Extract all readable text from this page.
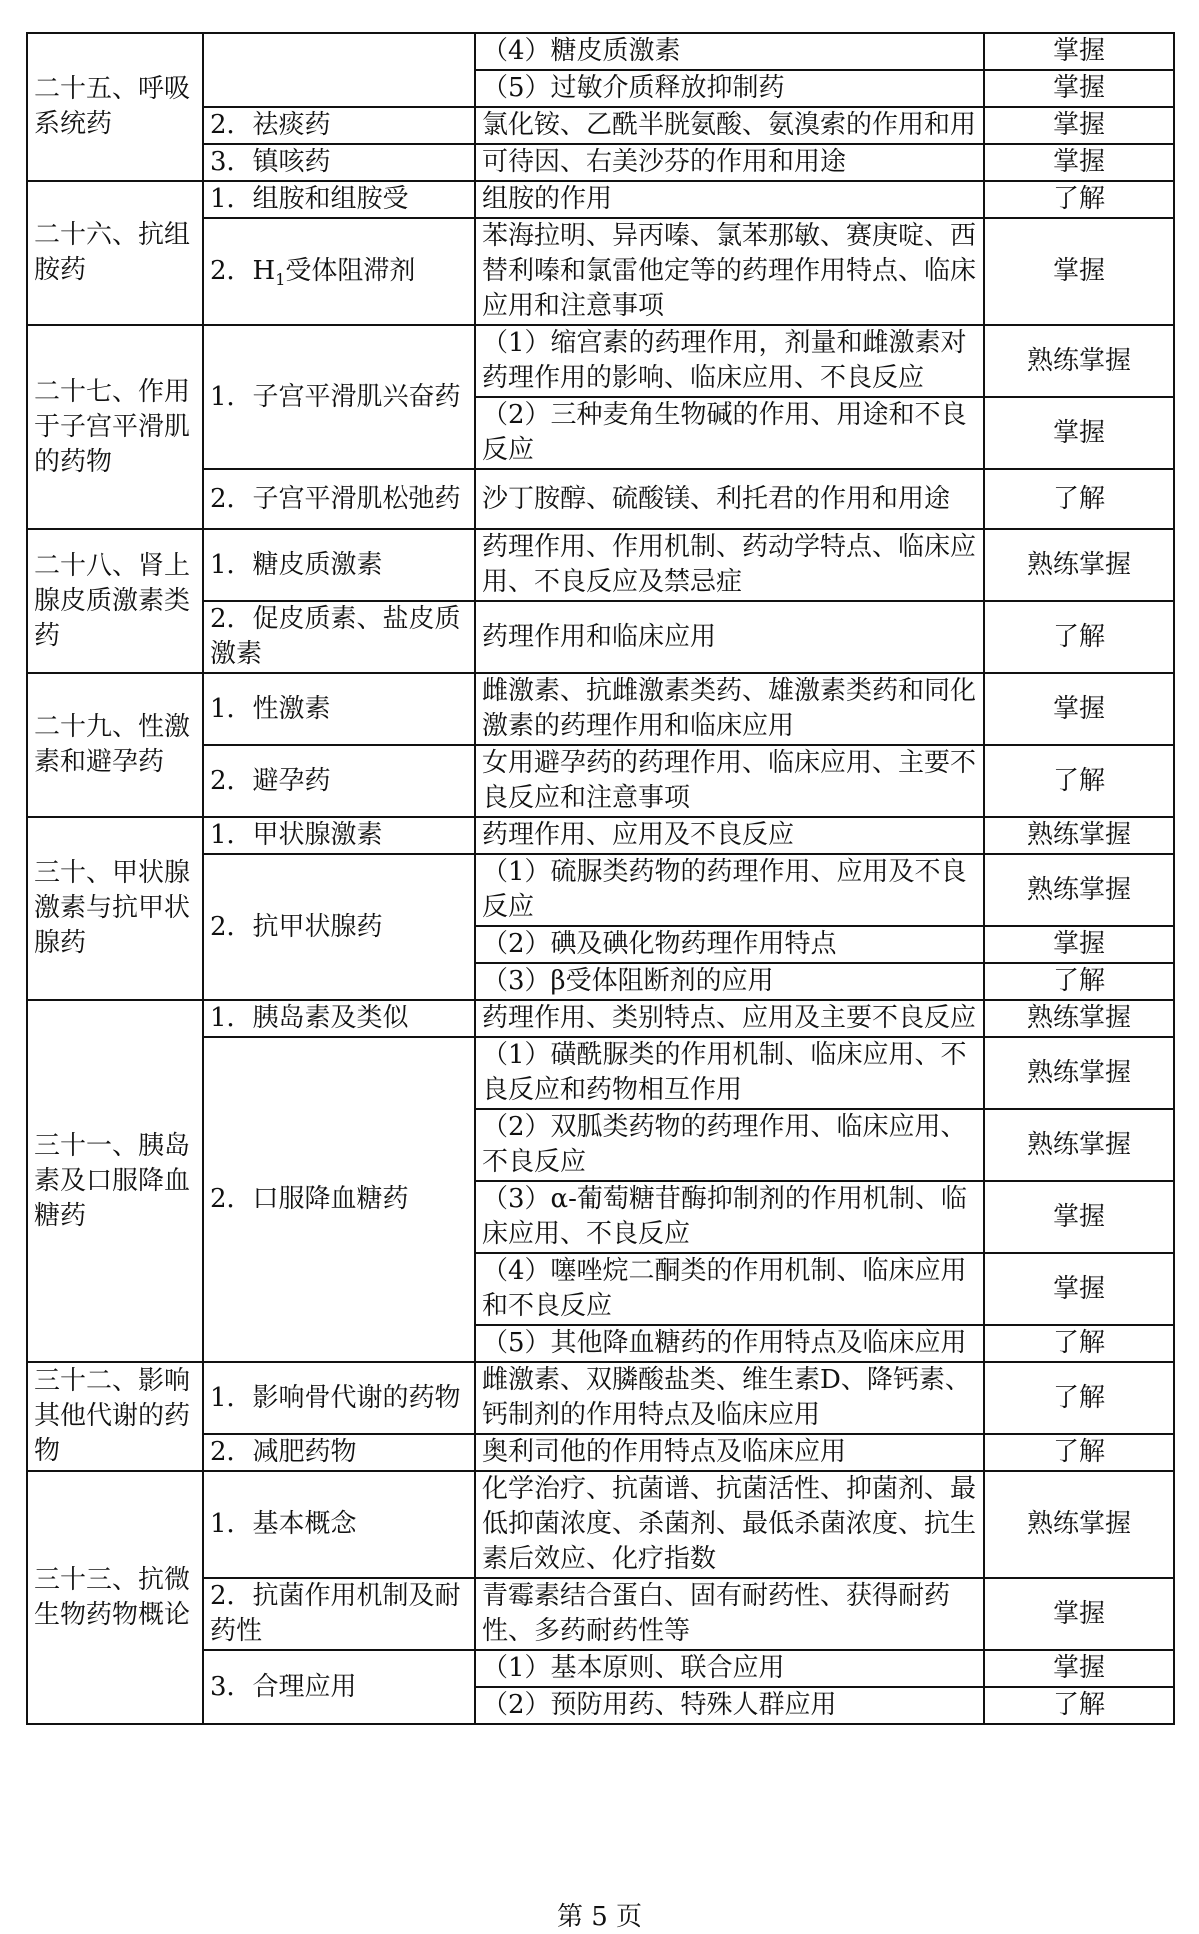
二十五、呼吸系统药		（4）糖皮质激素	掌握
		（5）过敏介质释放抑制药	掌握
	2．祛痰药	氯化铵、乙酰半胱氨酸、氨溴索的作用和用	掌握
	3．镇咳药	可待因、右美沙芬的作用和用途	掌握
二十六、抗组胺药	1．组胺和组胺受	组胺的作用	了解
	2．$H_1$受体阻滞剂	苯海拉明、异丙嗪、氯苯那敏、赛庚啶、西替利嗪和氯雷他定等的药理作用特点、临床应用和注意事项	掌握
二十七、作用于子宫平滑肌的药物	1．子宫平滑肌兴奋药	（1）缩宫素的药理作用，剂量和雌激素对药理作用的影响、临床应用、不良反应	熟练掌握
		（2）三种麦角生物碱的作用、用途和不良反应	掌握
	2．子宫平滑肌松弛药	沙丁胺醇、硫酸镁、利托君的作用和用途	了解
二十八、肾上腺皮质激素类药	1．糖皮质激素	药理作用、作用机制、药动学特点、临床应用、不良反应及禁忌症	熟练掌握
	2．促皮质素、盐皮质激素	药理作用和临床应用	了解
二十九、性激素和避孕药	1．性激素	雌激素、抗雌激素类药、雄激素类药和同化激素的药理作用和临床应用	掌握
	2．避孕药	女用避孕药的药理作用、临床应用、主要不良反应和注意事项	了解
三十、甲状腺激素与抗甲状腺药	1．甲状腺激素	药理作用、应用及不良反应	熟练掌握
	2．抗甲状腺药	（1）硫脲类药物的药理作用、应用及不良反应	熟练掌握
		（2）碘及碘化物药理作用特点	掌握
		（3）β受体阻断剂的应用	了解
三十一、胰岛素及口服降血糖药	1．胰岛素及类似	药理作用、类别特点、应用及主要不良反应	熟练掌握
	2．口服降血糖药	（1）磺酰脲类的作用机制、临床应用、不良反应和药物相互作用	熟练掌握
		（2）双胍类药物的药理作用、临床应用、不良反应	熟练掌握
		（3）α-葡萄糖苷酶抑制剂的作用机制、临床应用、不良反应	掌握
		（4）噻唑烷二酮类的作用机制、临床应用和不良反应	掌握
		（5）其他降血糖药的作用特点及临床应用	了解
三十二、影响其他代谢的药物	1．影响骨代谢的药物	雌激素、双膦酸盐类、维生素D、降钙素、钙制剂的作用特点及临床应用	了解
	2．减肥药物	奥利司他的作用特点及临床应用	了解
三十三、抗微生物药物概论	1．基本概念	化学治疗、抗菌谱、抗菌活性、抑菌剂、最低抑菌浓度、杀菌剂、最低杀菌浓度、抗生素后效应、化疗指数	熟练掌握
	2．抗菌作用机制及耐药性	青霉素结合蛋白、固有耐药性、获得耐药性、多药耐药性等	掌握
	3．合理应用	（1）基本原则、联合应用	掌握
		（2）预防用药、特殊人群应用	了解
第 5 页
